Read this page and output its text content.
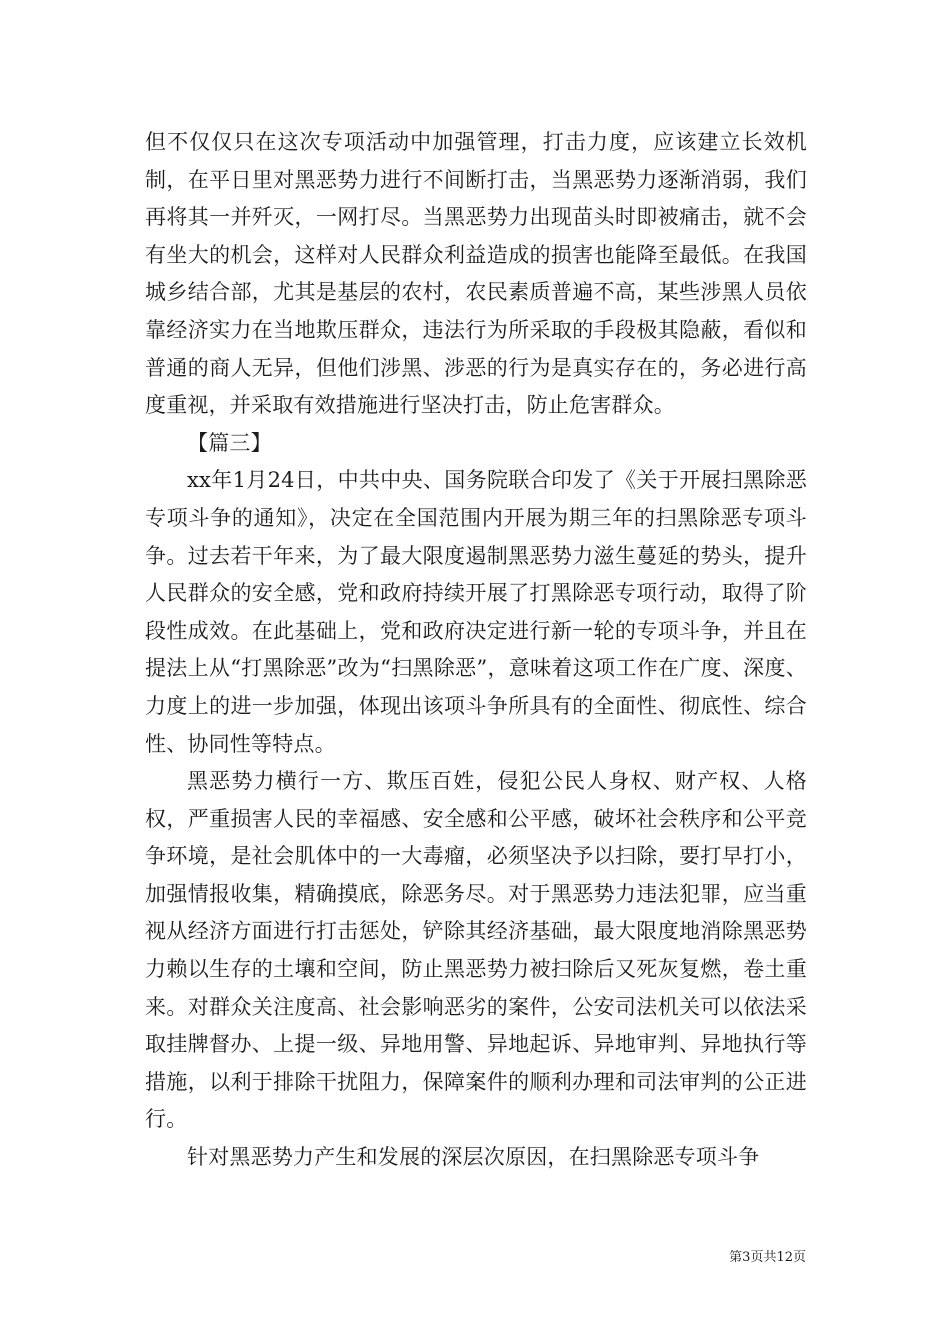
但不仅仅只在这次专项活动中加强管理，打击力度，应该建立长效机制，在平日里对黑恶势力进行不间断打击，当黑恶势力逐渐消弱，我们再将其一并歼灭，一网打尽。当黑恶势力出现苗头时即被痛击，就不会有坐大的机会，这样对人民群众利益造成的损害也能降至最低。在我国城乡结合部，尤其是基层的农村，农民素质普遍不高，某些涉黑人员依靠经济实力在当地欺压群众，违法行为所采取的手段极其隐蔽，看似和普通的商人无异，但他们涉黑、涉恶的行为是真实存在的，务必进行高度重视，并采取有效措施进行坚决打击，防止危害群众。

【篇三】

xx年1月24日，中共中央、国务院联合印发了《关于开展扫黑除恶专项斗争的通知》，决定在全国范围内开展为期三年的扫黑除恶专项斗争。过去若干年来，为了最大限度遏制黑恶势力滋生蔓延的势头，提升人民群众的安全感，党和政府持续开展了打黑除恶专项行动，取得了阶段性成效。在此基础上，党和政府决定进行新一轮的专项斗争，并且在提法上从“打黑除恶”改为“扫黑除恶”，意味着这项工作在广度、深度、力度上的进一步加强，体现出该项斗争所具有的全面性、彻底性、综合性、协同性等特点。

黑恶势力横行一方、欺压百姓，侵犯公民人身权、财产权、人格权，严重损害人民的幸福感、安全感和公平感，破坏社会秩序和公平竞争环境，是社会肌体中的一大毒瘤，必须坚决予以扫除，要打早打小，加强情报收集，精确摸底，除恶务尽。对于黑恶势力违法犯罪，应当重视从经济方面进行打击惩处，铲除其经济基础，最大限度地消除黑恶势力赖以生存的土壤和空间，防止黑恶势力被扫除后又死灰复燃，卷土重来。对群众关注度高、社会影响恶劣的案件，公安司法机关可以依法采取挂牌督办、上提一级、异地用警、异地起诉、异地审判、异地执行等措施，以利于排除干扰阻力，保障案件的顺利办理和司法审判的公正进行。

针对黑恶势力产生和发展的深层次原因，在扫黑除恶专项斗争

第3页共12页
